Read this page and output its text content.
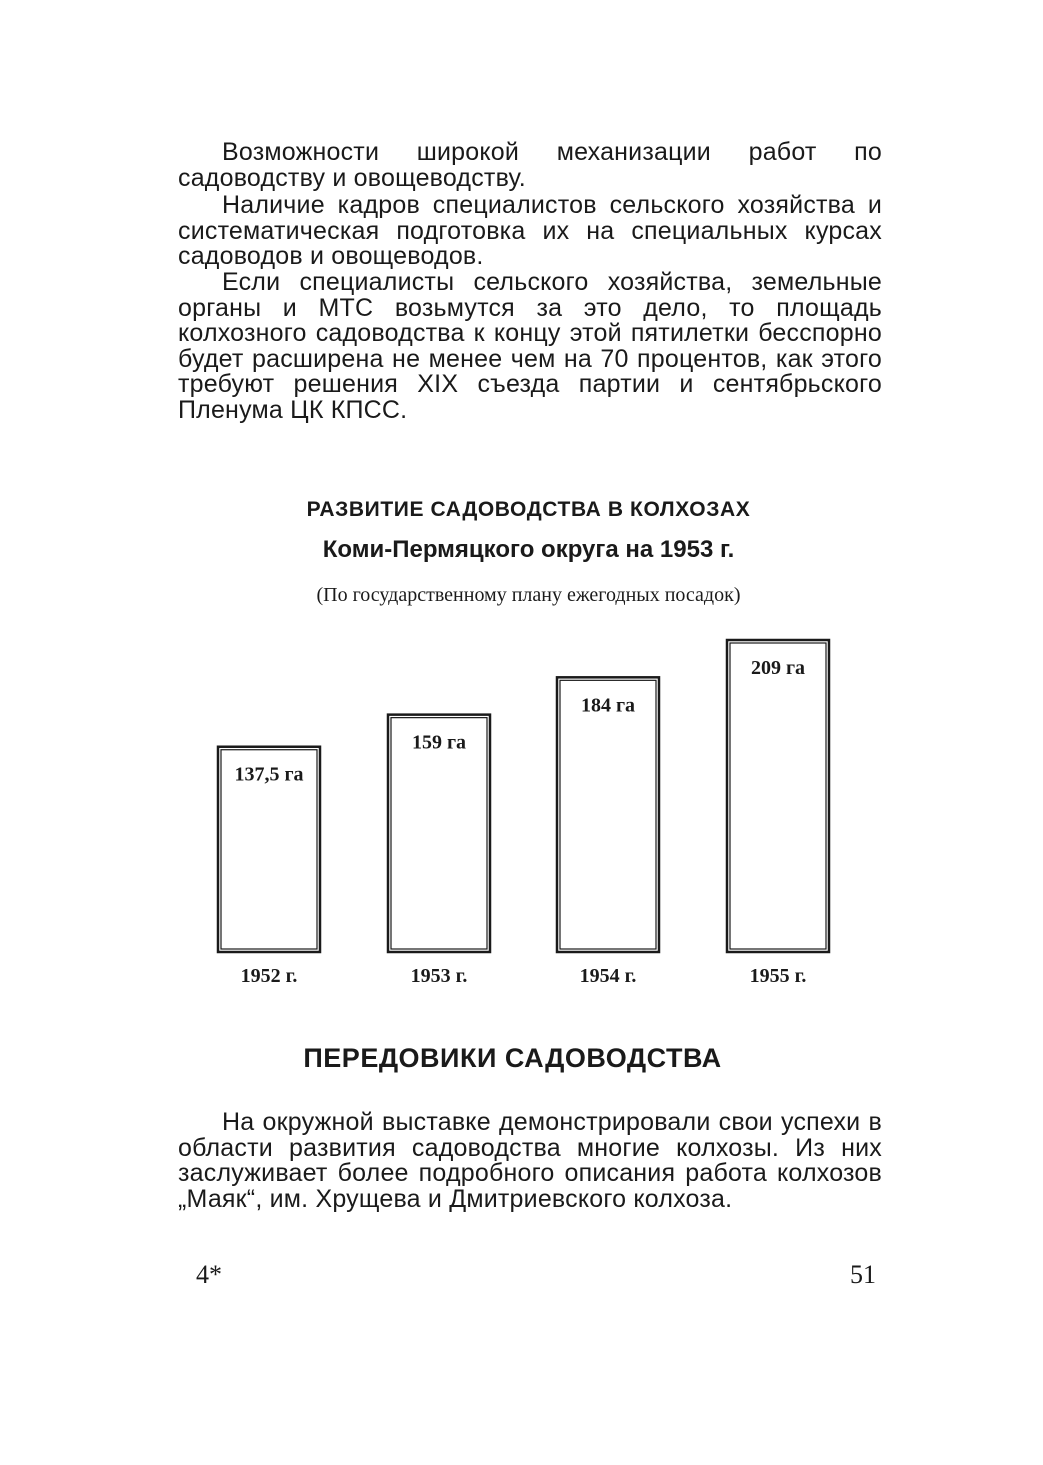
Возможности широкой механизации работ по садоводству и овощеводству.

Наличие кадров специалистов сельского хозяйства и систематическая подготовка их на специальных курсах садоводов и овощеводов.

Если специалисты сельского хозяйства, земельные органы и МТС возьмутся за это дело, то площадь колхозного садоводства к концу этой пятилетки бесспорно будет расширена не менее чем на 70 процентов, как этого требуют решения XIX съезда партии и сентябрьского Пленума ЦК КПСС.

РАЗВИТИЕ САДОВОДСТВА В КОЛХОЗАХ
Коми-Пермяцкого округа на 1953 г.

(По государственному плану ежегодных посадок)

137,5 га
1952 г.
159 га
1953 г.
184 га
1954 г.
209 га
1955 г.
ПЕРЕДОВИКИ САДОВОДСТВА

На окружной выставке демонстрировали свои успехи в области развития садоводства многие колхозы. Из них заслуживает более подробного описания работа колхозов „Маяк“, им. Хрущева и Дмитриевского колхоза.

4*	51
